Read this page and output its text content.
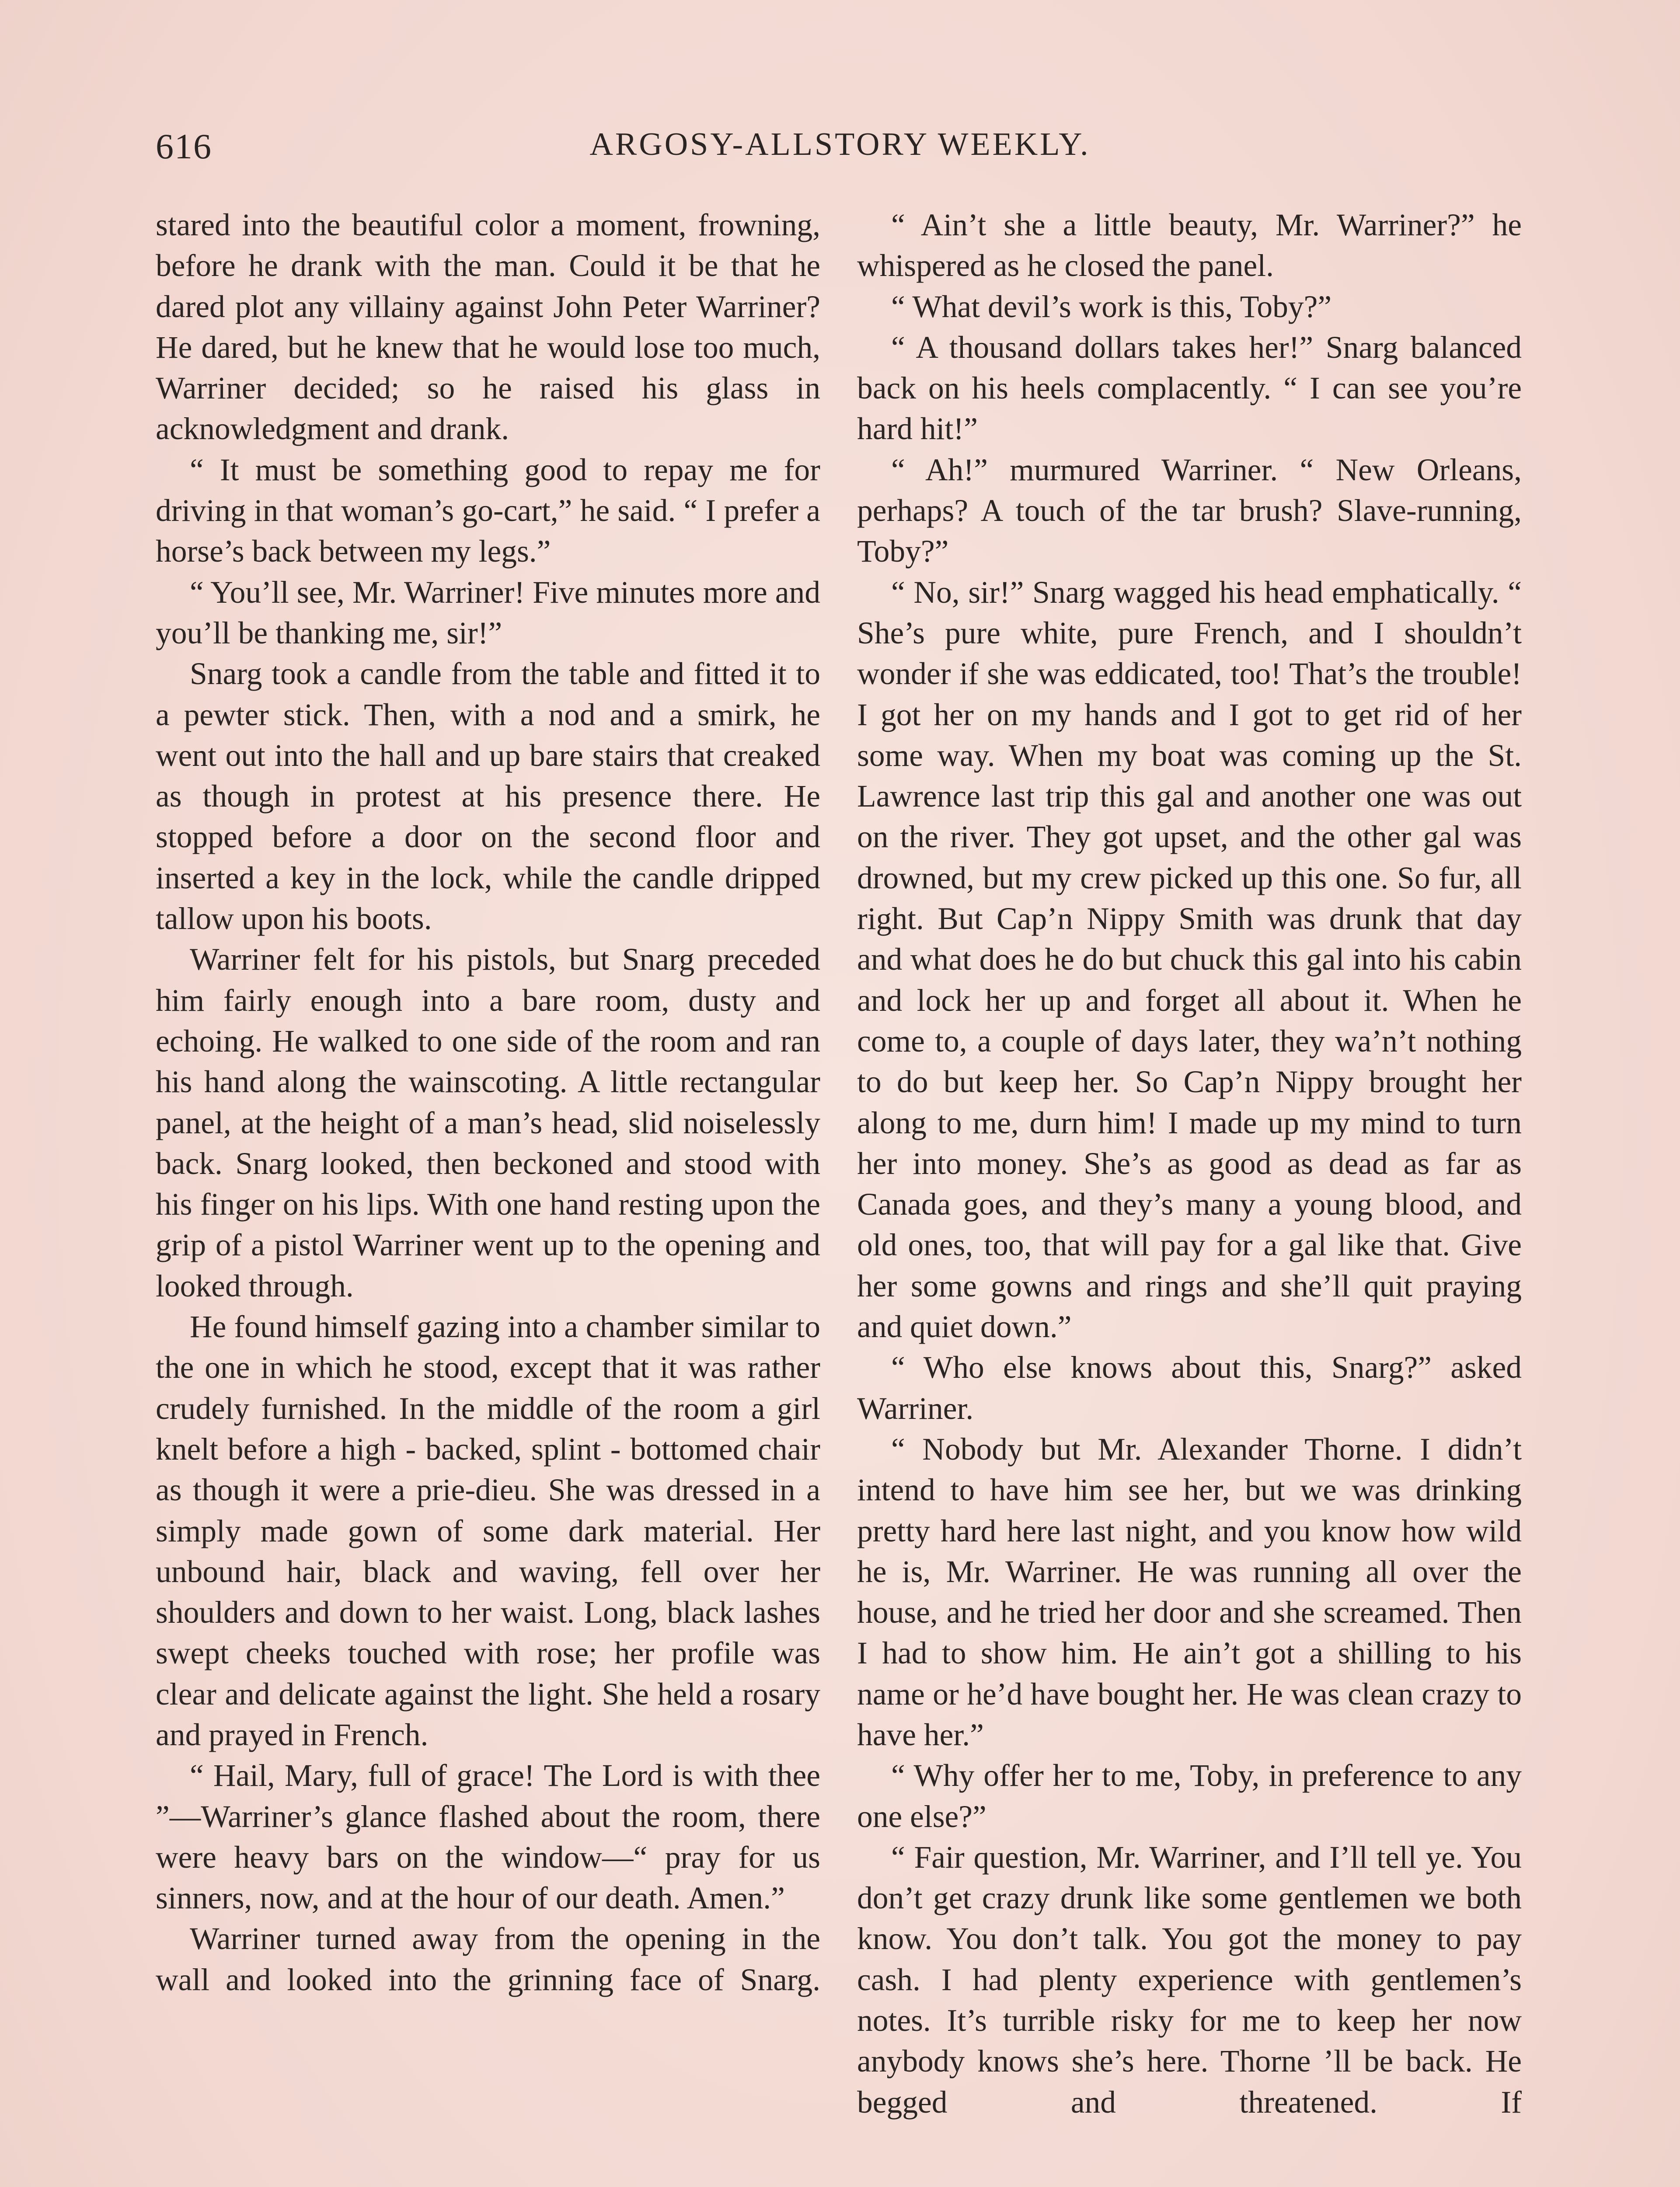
616	ARGOSY-ALLSTORY WEEKLY.

stared into the beautiful color a moment, frowning, before he drank with the man. Could it be that he dared plot any villainy against John Peter Warriner? He dared, but he knew that he would lose too much, Warriner decided; so he raised his glass in acknowledgment and drank.

“ It must be something good to repay me for driving in that woman’s go-cart,” he said. “ I prefer a horse’s back between my legs.”

“ You’ll see, Mr. Warriner! Five minutes more and you’ll be thanking me, sir!”

Snarg took a candle from the table and fitted it to a pewter stick. Then, with a nod and a smirk, he went out into the hall and up bare stairs that creaked as though in protest at his presence there. He stopped before a door on the second floor and inserted a key in the lock, while the candle dripped tallow upon his boots.

Warriner felt for his pistols, but Snarg preceded him fairly enough into a bare room, dusty and echoing. He walked to one side of the room and ran his hand along the wainscoting. A little rectangular panel, at the height of a man’s head, slid noiselessly back. Snarg looked, then beckoned and stood with his finger on his lips. With one hand resting upon the grip of a pistol Warriner went up to the opening and looked through.

He found himself gazing into a chamber similar to the one in which he stood, except that it was rather crudely furnished. In the middle of the room a girl knelt before a high - backed, splint - bottomed chair as though it were a prie-dieu. She was dressed in a simply made gown of some dark material. Her unbound hair, black and waving, fell over her shoulders and down to her waist. Long, black lashes swept cheeks touched with rose; her profile was clear and delicate against the light. She held a rosary and prayed in French.

“ Hail, Mary, full of grace! The Lord is with thee ”—Warriner’s glance flashed about the room, there were heavy bars on the window—“ pray for us sinners, now, and at the hour of our death. Amen.”

Warriner turned away from the opening in the wall and looked into the grinning face of Snarg.

“ Ain’t she a little beauty, Mr. Warriner?” he whispered as he closed the panel.

“ What devil’s work is this, Toby?”

“ A thousand dollars takes her!” Snarg balanced back on his heels complacently. “ I can see you’re hard hit!”

“ Ah!” murmured Warriner. “ New Orleans, perhaps? A touch of the tar brush? Slave-running, Toby?”

“ No, sir!” Snarg wagged his head emphatically. “ She’s pure white, pure French, and I shouldn’t wonder if she was eddicated, too! That’s the trouble! I got her on my hands and I got to get rid of her some way. When my boat was coming up the St. Lawrence last trip this gal and another one was out on the river. They got upset, and the other gal was drowned, but my crew picked up this one. So fur, all right. But Cap’n Nippy Smith was drunk that day and what does he do but chuck this gal into his cabin and lock her up and forget all about it. When he come to, a couple of days later, they wa’n’t nothing to do but keep her. So Cap’n Nippy brought her along to me, durn him! I made up my mind to turn her into money. She’s as good as dead as far as Canada goes, and they’s many a young blood, and old ones, too, that will pay for a gal like that. Give her some gowns and rings and she’ll quit praying and quiet down.”

“ Who else knows about this, Snarg?” asked Warriner.

“ Nobody but Mr. Alexander Thorne. I didn’t intend to have him see her, but we was drinking pretty hard here last night, and you know how wild he is, Mr. Warriner. He was running all over the house, and he tried her door and she screamed. Then I had to show him. He ain’t got a shilling to his name or he’d have bought her. He was clean crazy to have her.”

“ Why offer her to me, Toby, in preference to any one else?”

“ Fair question, Mr. Warriner, and I’ll tell ye. You don’t get crazy drunk like some gentlemen we both know. You don’t talk. You got the money to pay cash. I had plenty experience with gentlemen’s notes. It’s turrible risky for me to keep her now anybody knows she’s here. Thorne ’ll be back. He begged and threatened. If
